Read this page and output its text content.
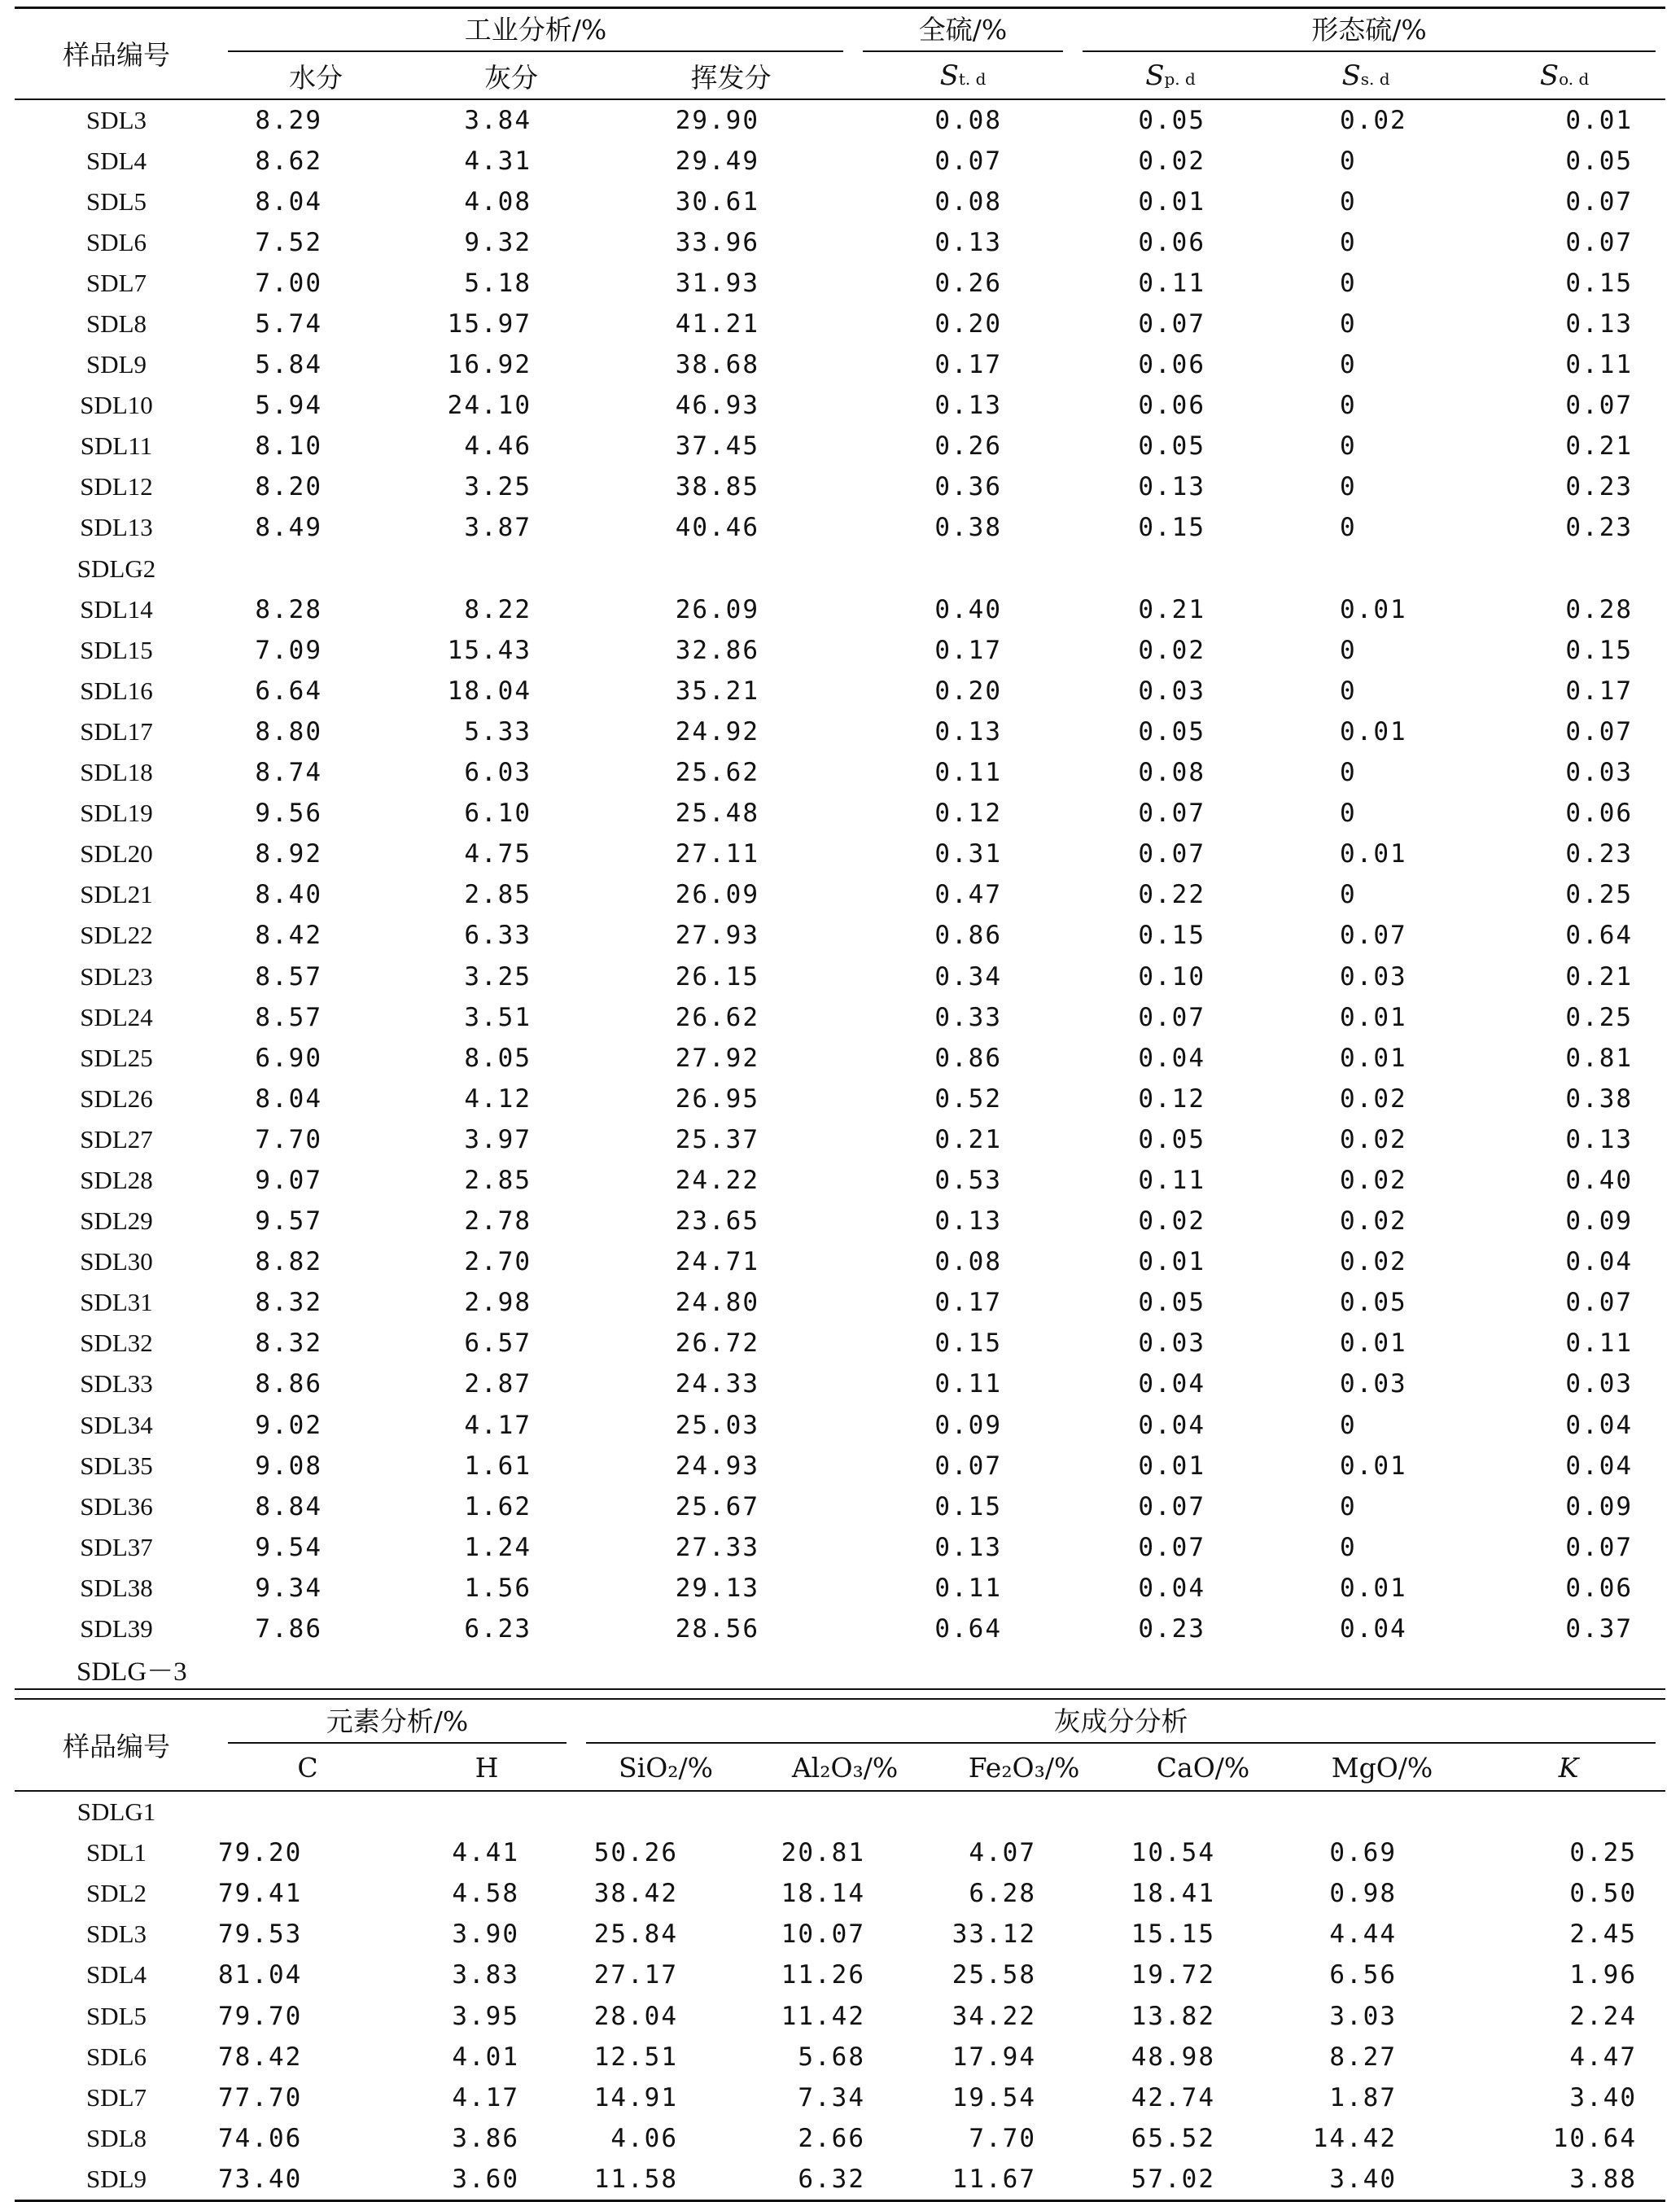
样品编号	工业分析/%			全硫/%	形态硫/%		

	水分	灰分	挥发分	St. d	Sp. d	Ss. d	So. d
SDL3	8.29	3.84	29.90	0.08	0.05	0.02	0.01
SDL4	8.62	4.31	29.49	0.07	0.02	0	0.05
SDL5	8.04	4.08	30.61	0.08	0.01	0	0.07
SDL6	7.52	9.32	33.96	0.13	0.06	0	0.07
SDL7	7.00	5.18	31.93	0.26	0.11	0	0.15
SDL8	5.74	15.97	41.21	0.20	0.07	0	0.13
SDL9	5.84	16.92	38.68	0.17	0.06	0	0.11
SDL10	5.94	24.10	46.93	0.13	0.06	0	0.07
SDL11	8.10	4.46	37.45	0.26	0.05	0	0.21
SDL12	8.20	3.25	38.85	0.36	0.13	0	0.23
SDL13	8.49	3.87	40.46	0.38	0.15	0	0.23
SDLG2							
SDL14	8.28	8.22	26.09	0.40	0.21	0.01	0.28
SDL15	7.09	15.43	32.86	0.17	0.02	0	0.15
SDL16	6.64	18.04	35.21	0.20	0.03	0	0.17
SDL17	8.80	5.33	24.92	0.13	0.05	0.01	0.07
SDL18	8.74	6.03	25.62	0.11	0.08	0	0.03
SDL19	9.56	6.10	25.48	0.12	0.07	0	0.06
SDL20	8.92	4.75	27.11	0.31	0.07	0.01	0.23
SDL21	8.40	2.85	26.09	0.47	0.22	0	0.25
SDL22	8.42	6.33	27.93	0.86	0.15	0.07	0.64
SDL23	8.57	3.25	26.15	0.34	0.10	0.03	0.21
SDL24	8.57	3.51	26.62	0.33	0.07	0.01	0.25
SDL25	6.90	8.05	27.92	0.86	0.04	0.01	0.81
SDL26	8.04	4.12	26.95	0.52	0.12	0.02	0.38
SDL27	7.70	3.97	25.37	0.21	0.05	0.02	0.13
SDL28	9.07	2.85	24.22	0.53	0.11	0.02	0.40
SDL29	9.57	2.78	23.65	0.13	0.02	0.02	0.09
SDL30	8.82	2.70	24.71	0.08	0.01	0.02	0.04
SDL31	8.32	2.98	24.80	0.17	0.05	0.05	0.07
SDL32	8.32	6.57	26.72	0.15	0.03	0.01	0.11
SDL33	8.86	2.87	24.33	0.11	0.04	0.03	0.03
SDL34	9.02	4.17	25.03	0.09	0.04	0	0.04
SDL35	9.08	1.61	24.93	0.07	0.01	0.01	0.04
SDL36	8.84	1.62	25.67	0.15	0.07	0	0.09
SDL37	9.54	1.24	27.33	0.13	0.07	0	0.07
SDL38	9.34	1.56	29.13	0.11	0.04	0.01	0.06
SDL39	7.86	6.23	28.56	0.64	0.23	0.04	0.37
SDLG－3							
样品编号	元素分析/%		灰成分分析					

	C	H	SiO₂/%	Al₂O₃/%	Fe₂O₃/%	CaO/%	MgO/%	K
SDLG1								
SDL1	79.20	4.41	50.26	20.81	4.07	10.54	0.69	0.25
SDL2	79.41	4.58	38.42	18.14	6.28	18.41	0.98	0.50
SDL3	79.53	3.90	25.84	10.07	33.12	15.15	4.44	2.45
SDL4	81.04	3.83	27.17	11.26	25.58	19.72	6.56	1.96
SDL5	79.70	3.95	28.04	11.42	34.22	13.82	3.03	2.24
SDL6	78.42	4.01	12.51	5.68	17.94	48.98	8.27	4.47
SDL7	77.70	4.17	14.91	7.34	19.54	42.74	1.87	3.40
SDL8	74.06	3.86	4.06	2.66	7.70	65.52	14.42	10.64
SDL9	73.40	3.60	11.58	6.32	11.67	57.02	3.40	3.88
